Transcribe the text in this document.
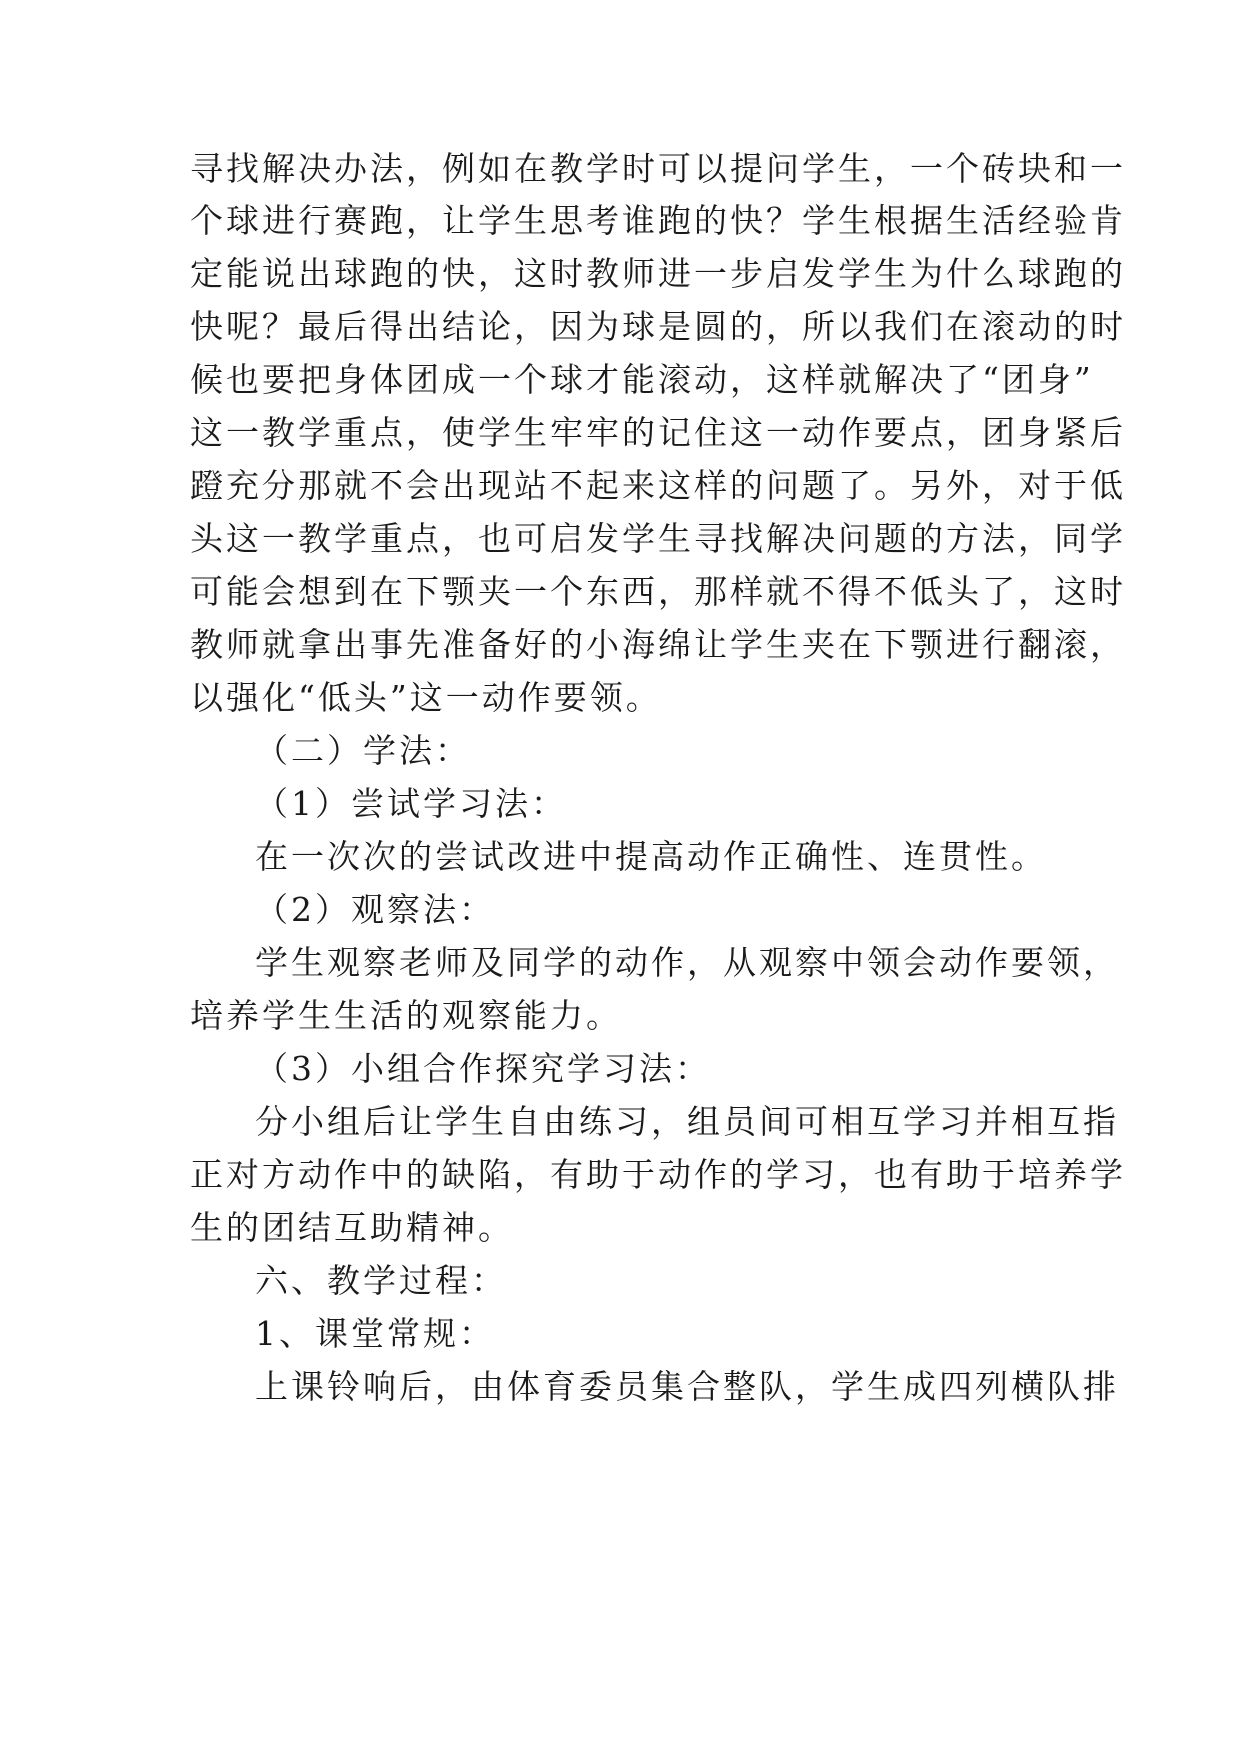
寻找解决办法，例如在教学时可以提问学生，一个砖块和一
个球进行赛跑，让学生思考谁跑的快？学生根据生活经验肯
定能说出球跑的快，这时教师进一步启发学生为什么球跑的
快呢？最后得出结论，因为球是圆的，所以我们在滚动的时
候也要把身体团成一个球才能滚动，这样就解决了“团身”
这一教学重点，使学生牢牢的记住这一动作要点，团身紧后
蹬充分那就不会出现站不起来这样的问题了。另外，对于低
头这一教学重点，也可启发学生寻找解决问题的方法，同学
可能会想到在下颚夹一个东西，那样就不得不低头了，这时
教师就拿出事先准备好的小海绵让学生夹在下颚进行翻滚，
以强化“低头”这一动作要领。
（二）学法：
（1）尝试学习法：
在一次次的尝试改进中提高动作正确性、连贯性。
（2）观察法：
学生观察老师及同学的动作，从观察中领会动作要领，
培养学生生活的观察能力。
（3）小组合作探究学习法：
分小组后让学生自由练习，组员间可相互学习并相互指
正对方动作中的缺陷，有助于动作的学习，也有助于培养学
生的团结互助精神。
六、教学过程：
1、课堂常规：
上课铃响后，由体育委员集合整队，学生成四列横队排
